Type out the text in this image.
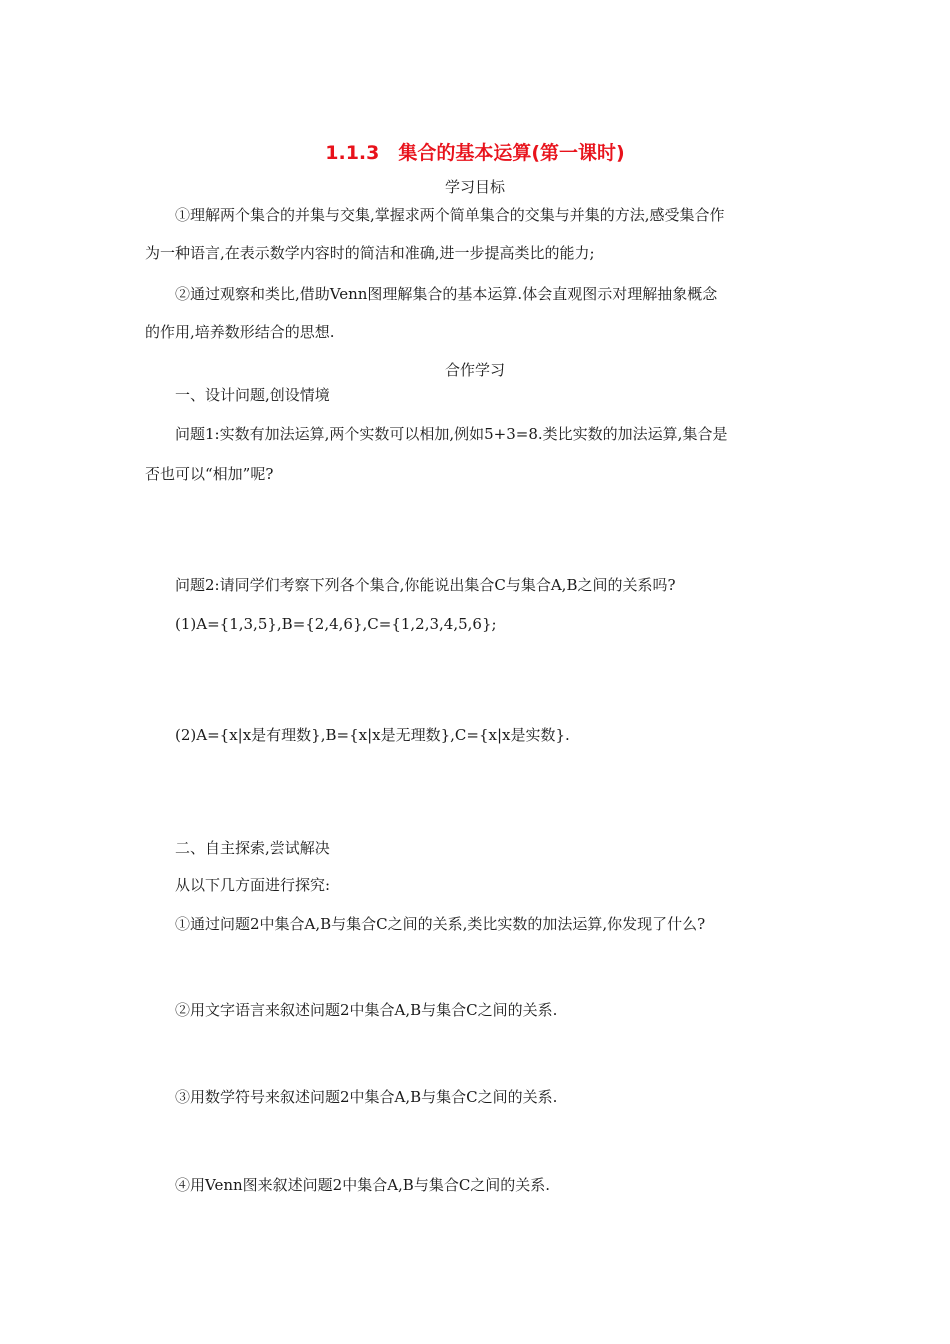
1.1.3　集合的基本运算(第一课时)

学习目标

①理解两个集合的并集与交集,掌握求两个简单集合的交集与并集的方法,感受集合作

为一种语言,在表示数学内容时的简洁和准确,进一步提高类比的能力;

②通过观察和类比,借助Venn图理解集合的基本运算.体会直观图示对理解抽象概念

的作用,培养数形结合的思想.

合作学习

一、设计问题,创设情境

问题1:实数有加法运算,两个实数可以相加,例如5+3=8.类比实数的加法运算,集合是

否也可以“相加”呢?

问题2:请同学们考察下列各个集合,你能说出集合C与集合A,B之间的关系吗?

(1)A={1,3,5},B={2,4,6},C={1,2,3,4,5,6};

(2)A={x|x是有理数},B={x|x是无理数},C={x|x是实数}.

二、自主探索,尝试解决

从以下几方面进行探究:

①通过问题2中集合A,B与集合C之间的关系,类比实数的加法运算,你发现了什么?

②用文字语言来叙述问题2中集合A,B与集合C之间的关系.

③用数学符号来叙述问题2中集合A,B与集合C之间的关系.

④用Venn图来叙述问题2中集合A,B与集合C之间的关系.
